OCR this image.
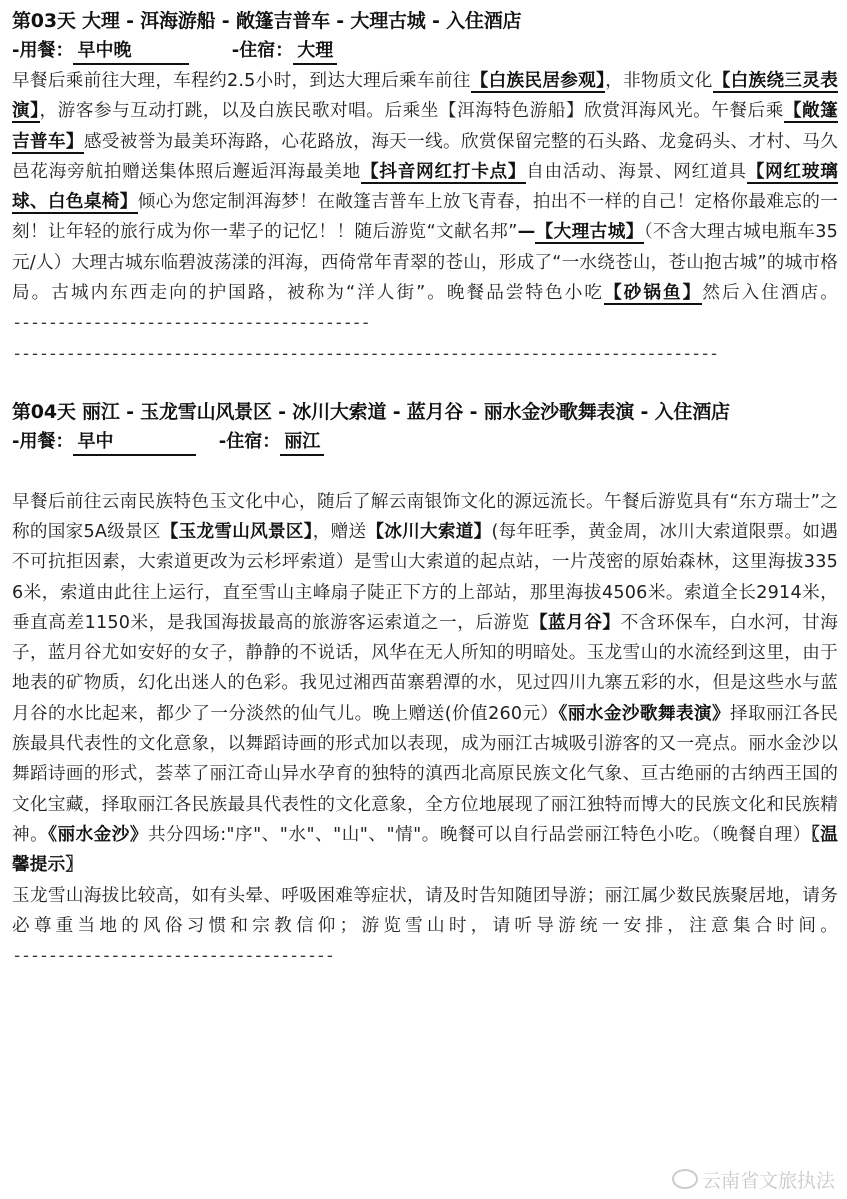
第03天 大理 - 洱海游船 - 敞篷吉普车 - 大理古城 - 入住酒店
-用餐： 早中晚	-住宿： 大理

早餐后乘前往大理，车程约2.5小时，到达大理后乘车前往【白族民居参观】，非物质文化【白族绕三灵表演】，游客参与互动打跳，以及白族民歌对唱。后乘坐【洱海特色游船】欣赏洱海风光。午餐后乘【敞篷吉普车】感受被誉为最美环海路，心花路放，海天一线。欣赏保留完整的石头路、龙龛码头、才村、马久邑花海旁航拍赠送集体照后邂逅洱海最美地【抖音网红打卡点】自由活动、海景、网红道具【网红玻璃球、白色桌椅】倾心为您定制洱海梦！在敞篷吉普车上放飞青春，拍出不一样的自己！定格你最难忘的一刻！让年轻的旅行成为你一辈子的记忆！！随后游览“文献名邦”—【大理古城】（不含大理古城电瓶车35元/人）大理古城东临碧波荡漾的洱海，西倚常年青翠的苍山，形成了“一水绕苍山，苍山抱古城”的城市格局。古城内东西走向的护国路，被称为“洋人街”。晚餐品尝特色小吃【砂锅鱼】然后入住酒店。----------------------------------------

-------------------------------------------------------------------------------
第04天 丽江 - 玉龙雪山风景区 - 冰川大索道 - 蓝月谷 - 丽水金沙歌舞表演 - 入住酒店
-用餐： 早中	-住宿： 丽江

早餐后前往云南民族特色玉文化中心，随后了解云南银饰文化的源远流长。午餐后游览具有“东方瑞士”之称的国家5A级景区【玉龙雪山风景区】，赠送【冰川大索道】(每年旺季，黄金周，冰川大索道限票。如遇不可抗拒因素，大索道更改为云杉坪索道）是雪山大索道的起点站，一片茂密的原始森林，这里海拔3356米，索道由此往上运行，直至雪山主峰扇子陡正下方的上部站，那里海拔4506米。索道全长2914米，垂直高差1150米，是我国海拔最高的旅游客运索道之一，后游览【蓝月谷】不含环保车，白水河，甘海子，蓝月谷尤如安好的女子，静静的不说话，风华在无人所知的明暗处。玉龙雪山的水流经到这里，由于地表的矿物质，幻化出迷人的色彩。我见过湘西苗寨碧潭的水，见过四川九寨五彩的水，但是这些水与蓝月谷的水比起来，都少了一分淡然的仙气儿。晚上赠送(价值260元）《丽水金沙歌舞表演》择取丽江各民族最具代表性的文化意象，以舞蹈诗画的形式加以表现，成为丽江古城吸引游客的又一亮点。丽水金沙以舞蹈诗画的形式，荟萃了丽江奇山异水孕育的独特的滇西北高原民族文化气象、亘古绝丽的古纳西王国的文化宝藏，择取丽江各民族最具代表性的文化意象，全方位地展现了丽江独特而博大的民族文化和民族精神。《丽水金沙》共分四场:"序"、"水"、"山"、"情"。晚餐可以自行品尝丽江特色小吃。（晚餐自理）〖温馨提示〗

玉龙雪山海拔比较高，如有头晕、呼吸困难等症状，请及时告知随团导游；丽江属少数民族聚居地，请务必尊重当地的风俗习惯和宗教信仰；游览雪山时，请听导游统一安排，注意集合时间。------------------------------------

云南省文旅执法
